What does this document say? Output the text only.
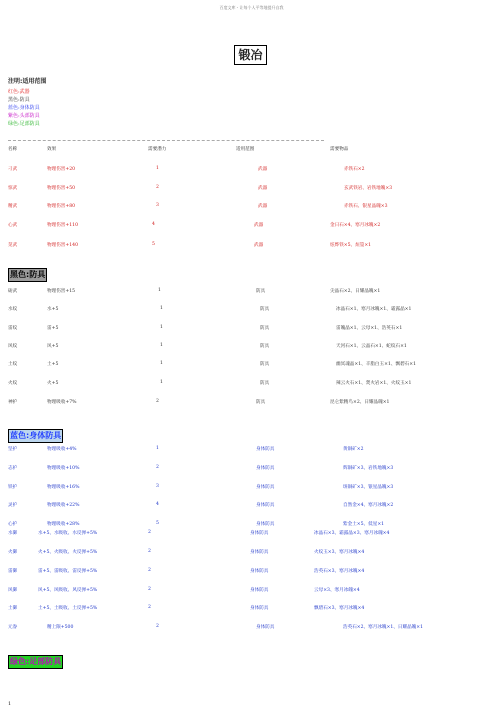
百度文库 - 让每个人平等地提升自我
锻冶
注明:适用范围
红色:武器
黑色:防具
蓝色:身体防具
紫色:头部防具
绿色:足部防具
名称	效果	需要潜力	适用范围	需要物品
刁武	物理伤害+20	1	武器	赤铁石×2
惊武	物理伤害+50	2	武器	玄武铁岩、岩铁地魄×3
精武	物理伤害+80	3	武器	赤铁石、银星晶魄×3
心武	物理伤害+110	4	武器	金日石×4、寒月冰魄×2
苋武	物理伤害+140	5	武器	炫烨铁×5、烜篁×1
黑色:防具
砺武	物理伤害+15	1	防具	尖晶石×2、日耀晶魄×1
水纹	水+5	1	防具	冰晶石×1、寒月冰魄×1、霜露晶×1
雷纹	雷+5	1	防具	雷魄晶×1、云母×1、浩英石×1
风纹	风+5	1	防具	天河石×1、云晶石×1、蛇纹石×1
土纹	土+5	1	防具	幽冥魂晶×1、辛脂白玉×1、飘碧石×1
火纹	火+5	1	防具	辣云火石×1、焚火岩×1、火纹玉×1
神护	物理吸收+7%	2	防具	昆仑紫精鸟×2、日耀晶魄×1
蓝色:身体防具
坚护	物理吸收+4%	1	身体防具	黄铜矿×2
志护	物理吸收+10%	2	身体防具	辉铜矿×3、岩铁地魄×3
铁护	物理吸收+16%	3	身体防具	斑铜矿×3、银星晶魄×3
灵护	物理吸收+22%	4	身体防具	自然金×4、寒月冰魄×2
心护	物理吸收+28%	5	身体防具	紫金土×5、低星×1
水御	水+5、水吸收、水反弹+5%	2	身体防具	冰晶石×3、霜露晶×3、寒月冰魄×4
火御	火+5、火吸收、火反弹+5%	2	身体防具	火纹玉×3、寒月冰魄×4
雷御	雷+5、雷吸收、雷反弹+5%	2	身体防具	浩英石×3、寒月冰魄×4
风御	风+5、风吸收、风反弹+5%	2	身体防具	云母×3、寒月冰魄×4
土御	土+5、土吸收、土反弹+5%	2	身体防具	飘碧石×3、寒月冰魄×4
元眷	精上限+500	2	身体防具	浩英石×2、寒月冰魄×1、日耀晶魄×1
绿色:足部防具
1
